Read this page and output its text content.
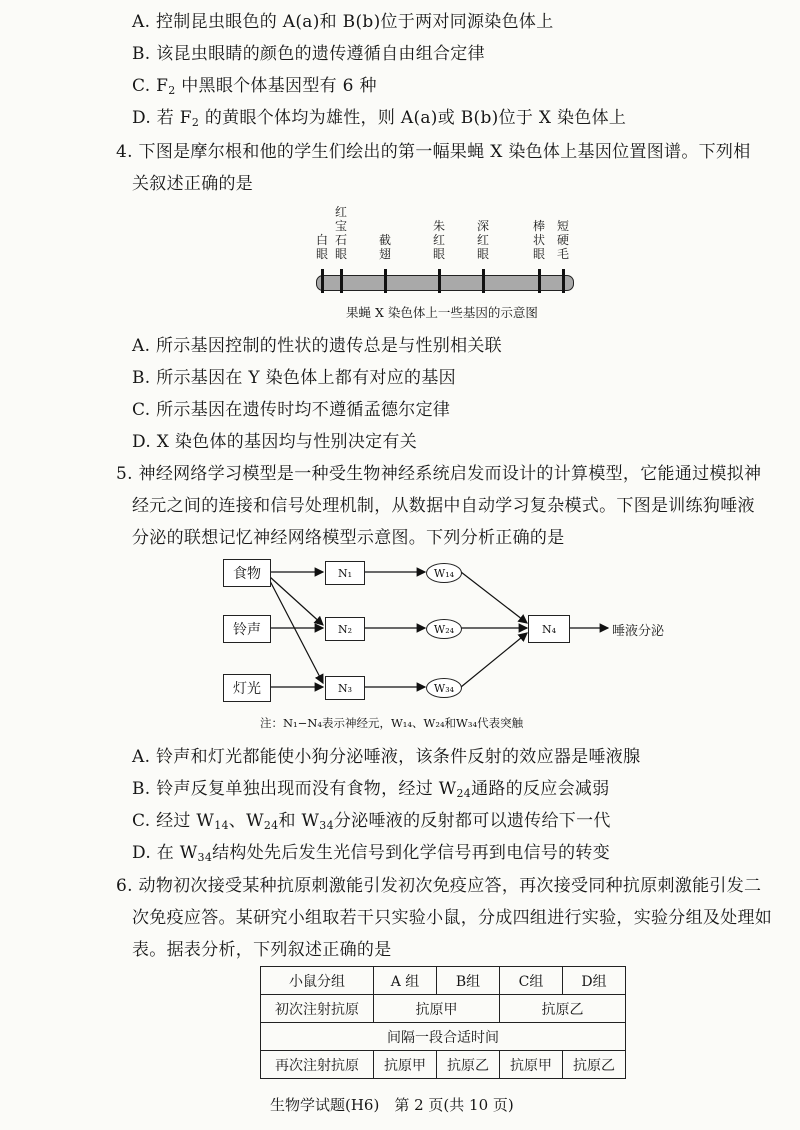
A. 控制昆虫眼色的 A(a)和 B(b)位于两对同源染色体上
B. 该昆虫眼睛的颜色的遗传遵循自由组合定律
C. $F_2$ 中黑眼个体基因型有 6 种
D. 若 $F_2$ 的黄眼个体均为雄性，则 A(a)或 B(b)位于 X 染色体上
4. 下图是摩尔根和他的学生们绘出的第一幅果蝇 X 染色体上基因位置图谱。下列相
关叙述正确的是
白眼
红宝石眼
截翅
朱红眼
深红眼
棒状眼
短硬毛
果蝇 X 染色体上一些基因的示意图
A. 所示基因控制的性状的遗传总是与性别相关联
B. 所示基因在 Y 染色体上都有对应的基因
C. 所示基因在遗传时均不遵循孟德尔定律
D. X 染色体的基因均与性别决定有关
5. 神经网络学习模型是一种受生物神经系统启发而设计的计算模型，它能通过模拟神
经元之间的连接和信号处理机制，从数据中自动学习复杂模式。下图是训练狗唾液
分泌的联想记忆神经网络模型示意图。下列分析正确的是
食物
铃声
灯光
N₁
N₂
N₃
W₁₄
W₂₄
W₃₄
N₄	唾液分泌
注：N₁−N₄表示神经元，W₁₄、W₂₄和W₃₄代表突触
A. 铃声和灯光都能使小狗分泌唾液，该条件反射的效应器是唾液腺
B. 铃声反复单独出现而没有食物，经过 $W_{24}$通路的反应会减弱
C. 经过 $W_{14}$、$W_{24}$和 $W_{34}$分泌唾液的反射都可以遗传给下一代
D. 在 $W_{34}$结构处先后发生光信号到化学信号再到电信号的转变
6. 动物初次接受某种抗原刺激能引发初次免疫应答，再次接受同种抗原刺激能引发二
次免疫应答。某研究小组取若干只实验小鼠，分成四组进行实验，实验分组及处理如
表。据表分析，下列叙述正确的是
小鼠分组	A 组	B组	C组	D组
初次注射抗原	抗原甲		抗原乙	
间隔一段合适时间				
再次注射抗原	抗原甲	抗原乙	抗原甲	抗原乙
生物学试题(H6)　第 2 页(共 10 页)
